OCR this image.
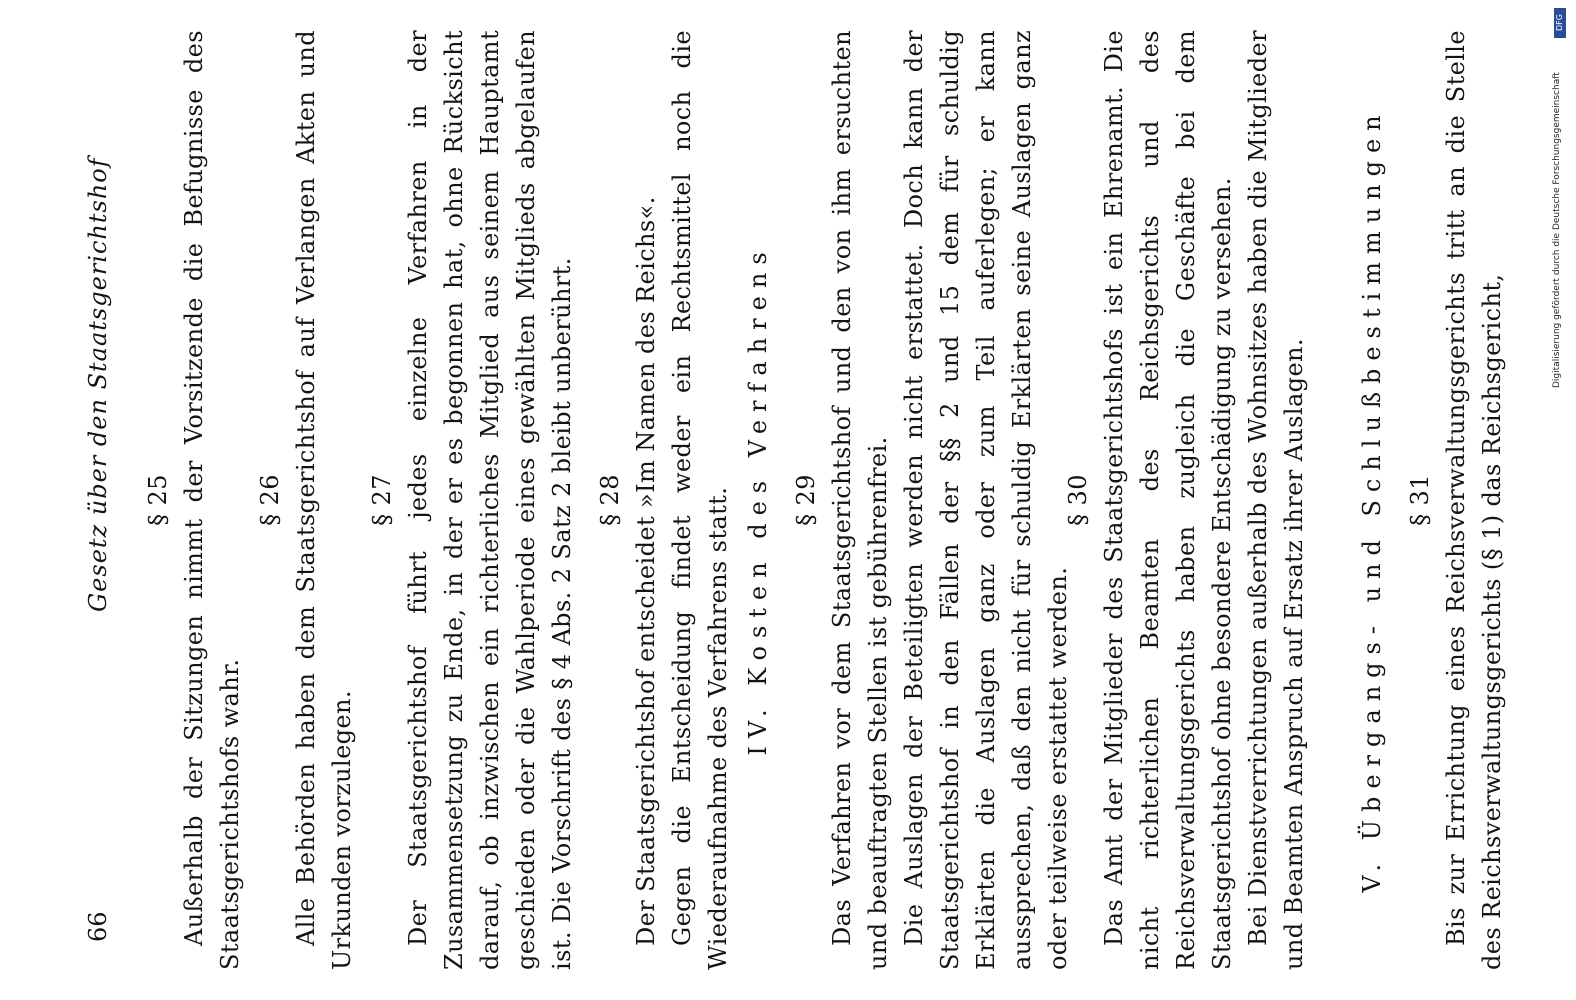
66
Gesetz über den Staatsgerichtshof § 25 Außerhalb der Sitzungen nimmt der Vorsitzende die Befugnisse des Staatsgerichtshofs wahr.

§ 26 Alle Behörden haben dem Staatsgerichtshof auf Verlangen Akten und Urkunden vorzulegen.

§ 27 Der Staatsgerichtshof führt jedes einzelne Verfahren in der Zusammensetzung zu Ende, in der er es begonnen hat, ohne Rücksicht darauf, ob inzwischen ein richterliches Mitglied aus seinem Hauptamt geschieden oder die Wahlperiode eines gewählten Mitglieds abgelaufen ist. Die Vorschrift des § 4 Abs. 2 Satz 2 bleibt unberührt. § 28 Der Staatsgerichtshof entscheidet »Im Namen des Reichs«. Gegen die Entscheidung findet weder ein Rechtsmittel noch die Wiederaufnahme des Verfahrens statt. IV. Kosten des Verfahrens § 29 Das Verfahren vor dem Staatsgerichtshof und den von ihm ersuchten und beauftragten Stellen ist gebührenfrei. Die Auslagen der Beteiligten werden nicht erstattet. Doch kann der Staatsgerichtshof in den Fällen der §§ 2 und 15 dem für schuldig Erklärten die Auslagen ganz oder zum Teil auferlegen; er kann aussprechen, daß den nicht für schuldig Erklärten seine Auslagen ganz oder teilweise erstattet werden.

§ 30 Das Amt der Mitglieder des Staatsgerichtshofs ist ein Ehrenamt. Die nicht richterlichen Beamten des Reichsgerichts und des Reichsverwaltungsgerichts haben zugleich die Geschäfte bei dem Staatsgerichtshof ohne besondere Entschädigung zu versehen. Bei Dienstverrichtungen außerhalb des Wohnsitzes haben die Mitglieder und Beamten Anspruch auf Ersatz ihrer Auslagen. V. Übergangs- und Schlußbestimmungen § 31 Bis zur Errichtung eines Reichsverwaltungsgerichts tritt an die Stelle des Reichsverwaltungsgerichts (§ 1) das Reichsgericht,

Digitalisierung gefördert durch die Deutsche Forschungsgemeinschaft
DFG
